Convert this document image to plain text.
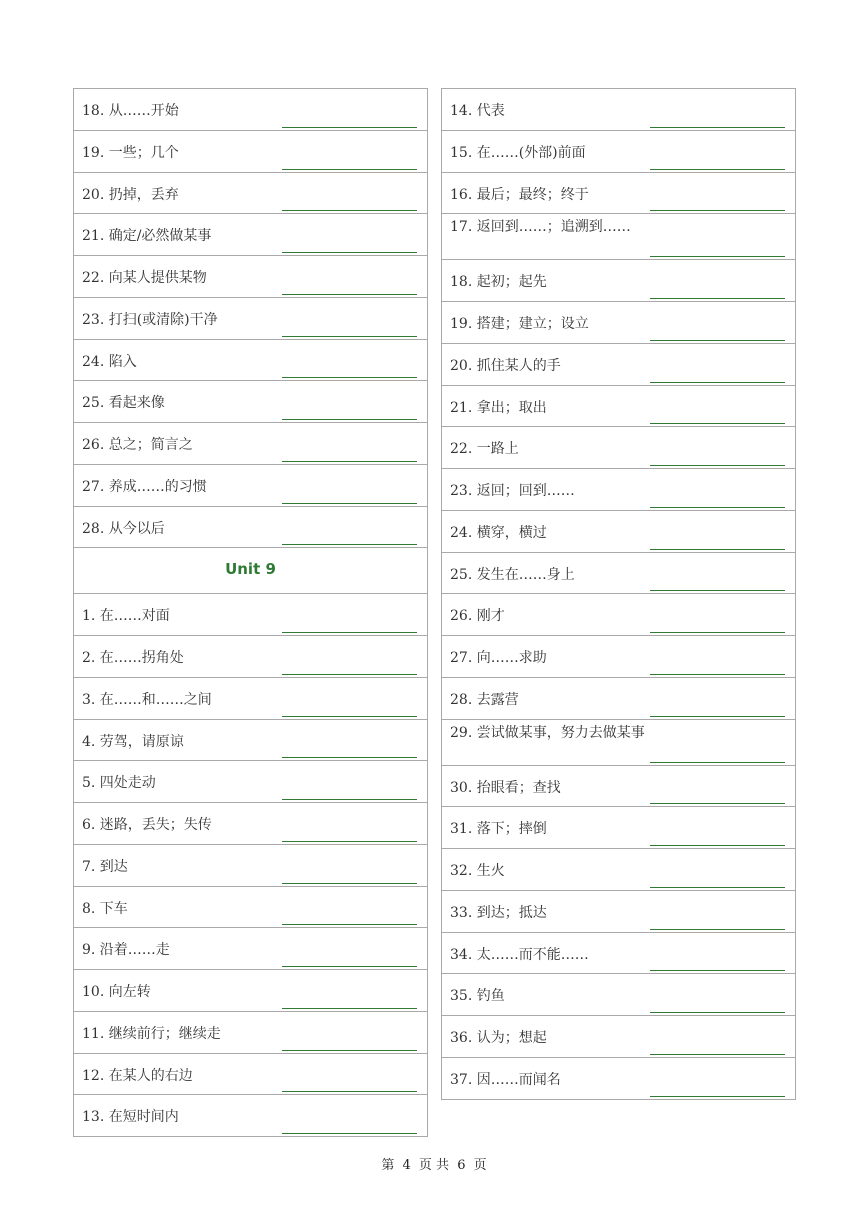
18. 从……开始
19. 一些；几个
20. 扔掉，丢弃
21. 确定/必然做某事
22. 向某人提供某物
23. 打扫(或清除)干净
24. 陷入
25. 看起来像
26. 总之；简言之
27. 养成……的习惯
28. 从今以后
Unit 9
1. 在……对面
2. 在……拐角处
3. 在……和……之间
4. 劳驾，请原谅
5. 四处走动
6. 迷路，丢失；失传
7. 到达
8. 下车
9. 沿着……走
10. 向左转
11. 继续前行；继续走
12. 在某人的右边
13. 在短时间内
14. 代表
15. 在……(外部)前面
16. 最后；最终；终于
17. 返回到……；追溯到……
18. 起初；起先
19. 搭建；建立；设立
20. 抓住某人的手
21. 拿出；取出
22. 一路上
23. 返回；回到……
24. 横穿，横过
25. 发生在……身上
26. 刚才
27. 向……求助
28. 去露营
29. 尝试做某事，努力去做某事
30. 抬眼看；查找
31. 落下；摔倒
32. 生火
33. 到达；抵达
34. 太……而不能……
35. 钓鱼
36. 认为；想起
37. 因……而闻名
第 4 页 共 6 页
